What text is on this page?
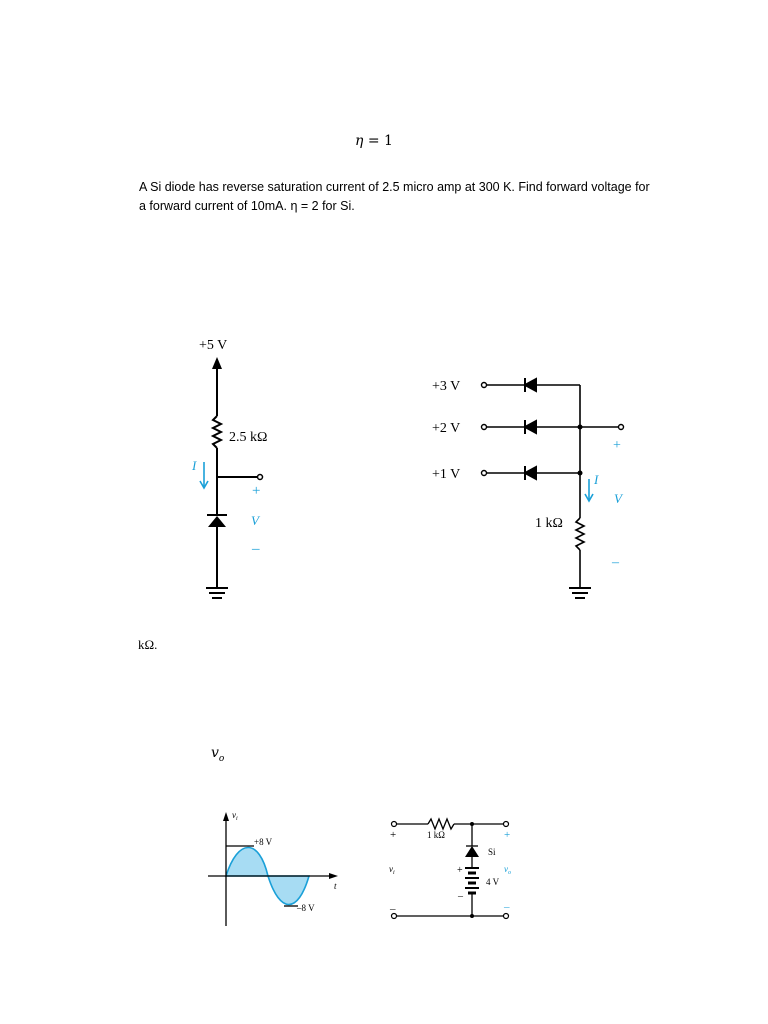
η = 1
A Si diode has reverse saturation current of 2.5 micro amp at 300 K. Find forward voltage for
a forward current of 10mA. η = 2 for Si.
kΩ.
$v_o$
+5 V
2.5 kΩ
I
+
V
–
+3 V
+2 V
+1 V
1 kΩ
I
+
V
–
$v_i$
+8 V
–8 V
t
1 kΩ
Si
4 V
+
$v_i$
–
+
$v_o$
–
+
–
